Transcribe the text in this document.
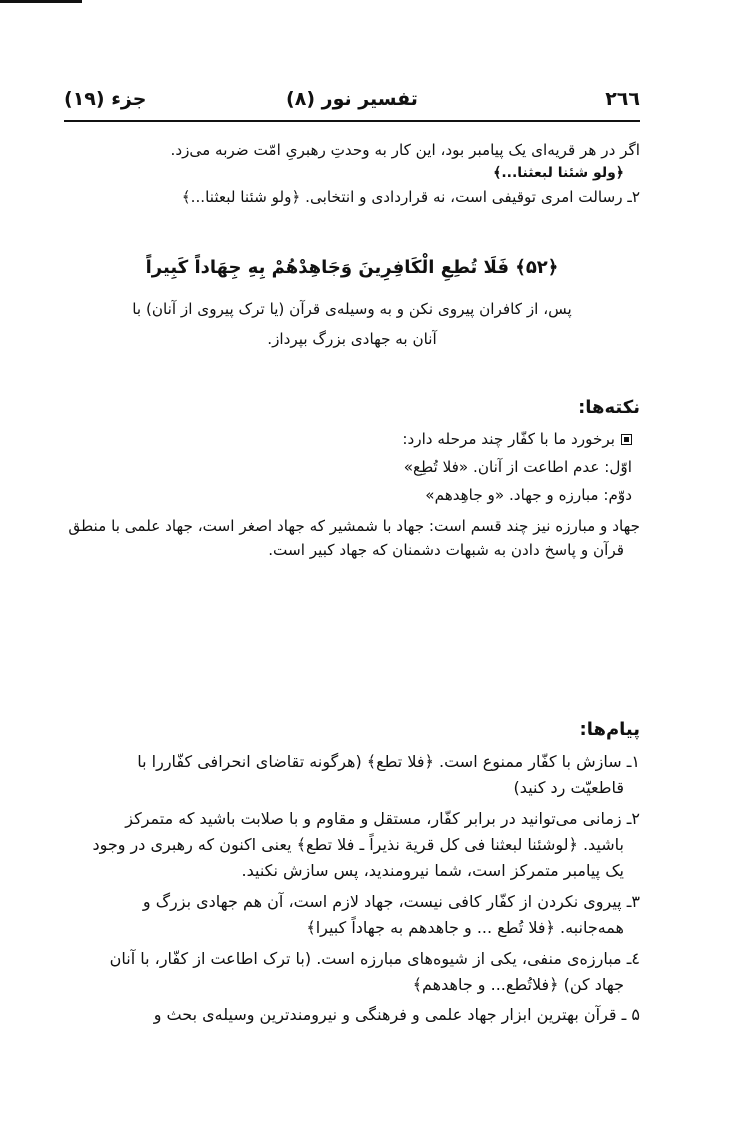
۲٦٦
تفسیر نور (۸)
جزء (۱۹)
اگر در هر قریه‌ای یک پیامبر بود، این کار به وحدتِ رهبریِ امّت ضربه می‌زد.
﴿ولو شئنا لبعثنا...﴾
۲ـ رسالت امری توقیفی است، نه قراردادی و انتخابی. ﴿ولو شئنا لبعثنا...﴾
﴿۵۲﴾ فَلَا تُطِعِ الْكَافِرِينَ وَجَاهِدْهُمْ بِهِ جِهَاداً كَبِيراً
پس، از کافران پیروی نکن و به وسیله‌ی قرآن (یا ترک پیروی از آنان) با
آنان به جهادی بزرگ بپرداز.
نکته‌ها:
برخورد ما با کفّار چند مرحله دارد:
اوّل: عدم اطاعت از آنان. «فلا تُطِع»
دوّم: مبارزه و جهاد. «و جاهِدهم»
جهاد و مبارزه نیز چند قسم است: جهاد با شمشیر که جهاد اصغر است، جهاد علمی با منطق
قرآن و پاسخ دادن به شبهات دشمنان که جهاد کبیر است.
پیام‌ها:
۱ـ سازش با کفّار ممنوع است. ﴿فلا تطع﴾ (هرگونه تقاضای انحرافی کفّاررا با
قاطعیّت رد کنید)
۲ـ زمانی می‌توانید در برابر کفّار، مستقل و مقاوم و با صلابت باشید که متمرکز
باشید. ﴿لوشئنا لبعثنا فی کل قریة نذیراً ـ فلا تطع﴾ یعنی اکنون که رهبری در وجود
یک پیامبر متمرکز است، شما نیرومندید، پس سازش نکنید.
۳ـ پیروی نکردن از کفّار کافی نیست، جهاد لازم است، آن هم جهادی بزرگ و
همه‌جانبه. ﴿فلا تُطع ... و جاهدهم به جهاداً کبیرا﴾
٤ـ مبارزه‌ی منفی، یکی از شیوه‌های مبارزه است. (با ترک اطاعت از کفّار، با آنان
جهاد کن) ﴿فلاتُطع... و جاهدهم﴾
۵ ـ قرآن بهترین ابزار جهاد علمی و فرهنگی و نیرومندترین وسیله‌ی بحث و
